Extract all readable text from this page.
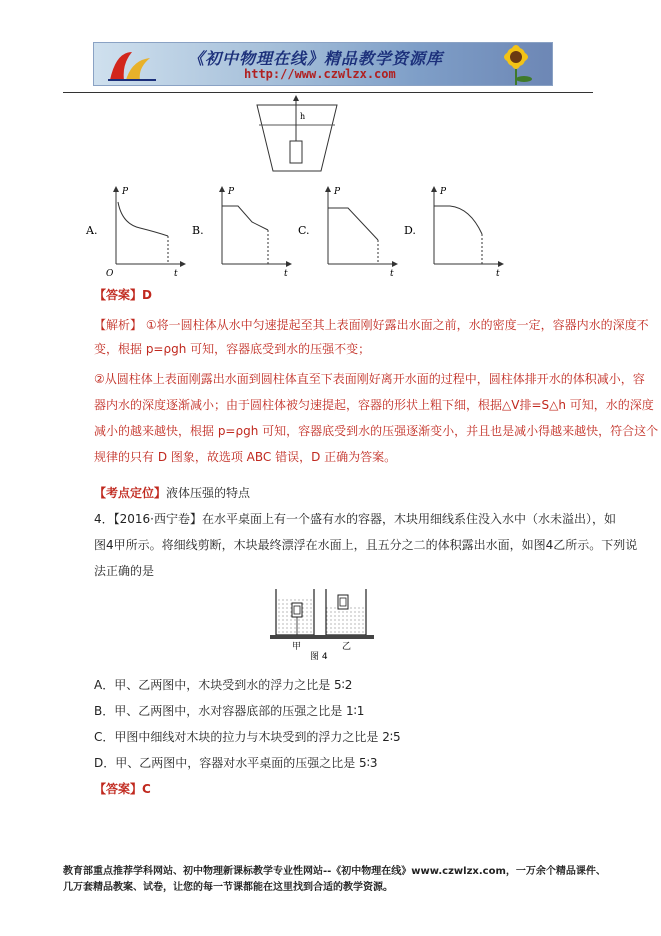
《初中物理在线》精品教学资源库
http://www.czwlzx.com
h
P
t
O
A.
P
t
B.
P
t
C.
P
t
D.
【答案】D
【解析】 ①将一圆柱体从水中匀速提起至其上表面刚好露出水面之前，水的密度一定，容器内水的深度不
变，根据 p=ρgh 可知，容器底受到水的压强不变；
②从圆柱体上表面刚露出水面到圆柱体直至下表面刚好离开水面的过程中，圆柱体排开水的体积减小，容
器内水的深度逐渐减小；由于圆柱体被匀速提起，容器的形状上粗下细，根据△V排=S△h 可知，水的深度
减小的越来越快，根据 p=ρgh 可知，容器底受到水的压强逐渐变小，并且也是减小得越来越快，符合这个
规律的只有 D 图象，故选项 ABC 错误，D 正确为答案。
【考点定位】液体压强的特点
4．【2016·西宁卷】在水平桌面上有一个盛有水的容器，木块用细线系住没入水中（水未溢出），如
图4甲所示。将细线剪断，木块最终漂浮在水面上，且五分之二的体积露出水面，如图4乙所示。下列说
法正确的是
甲	乙
图 4
A．甲、乙两图中，木块受到水的浮力之比是 5∶2
B．甲、乙两图中，水对容器底部的压强之比是 1∶1
C．甲图中细线对木块的拉力与木块受到的浮力之比是 2∶5
D．甲、乙两图中，容器对水平桌面的压强之比是 5∶3
【答案】C
教育部重点推荐学科网站、初中物理新课标教学专业性网站--《初中物理在线》www.czwlzx.com，一万余个精品课件、
几万套精品教案、试卷，让您的每一节课都能在这里找到合适的教学资源。
